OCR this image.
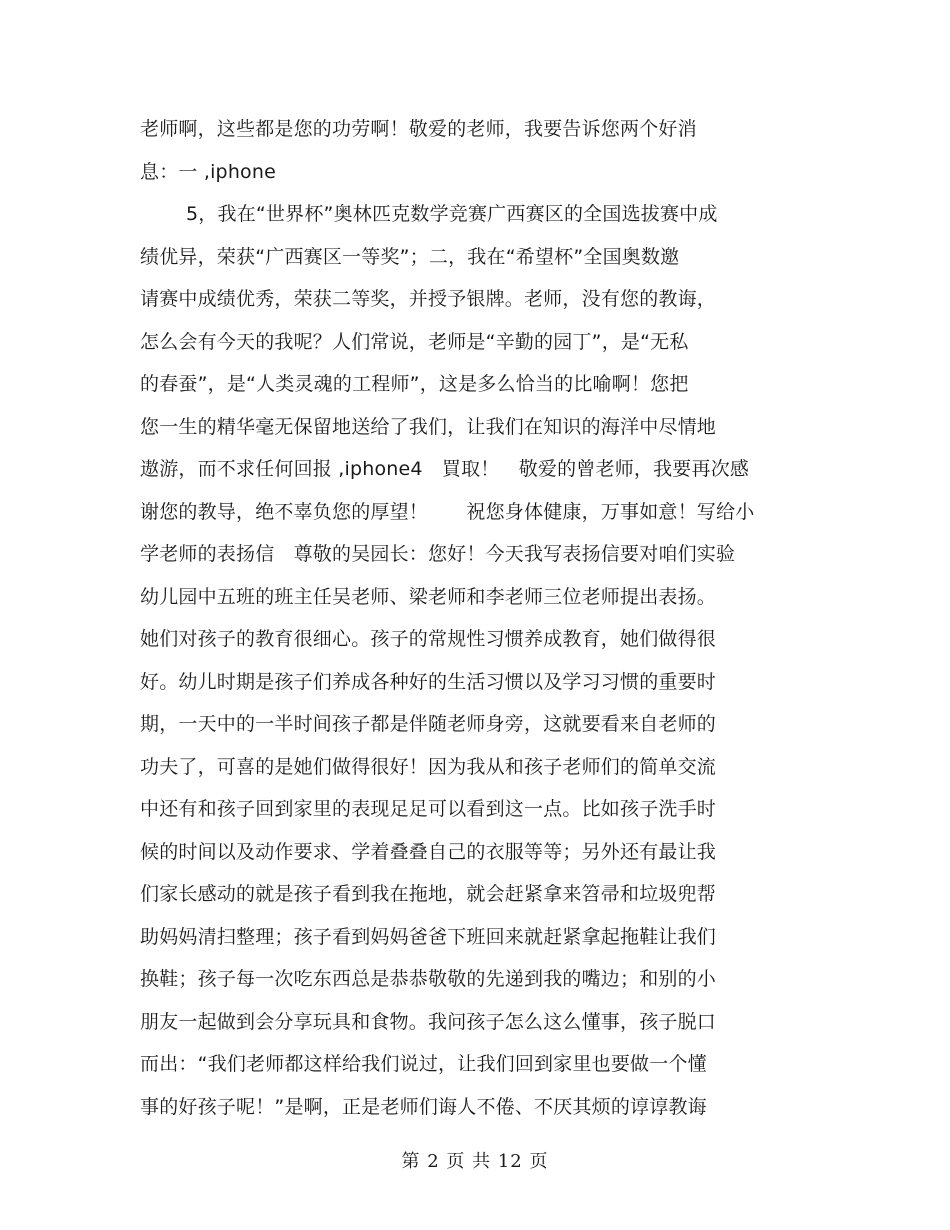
老师啊，这些都是您的功劳啊！敬爱的老师，我要告诉您两个好消
息：一 ,iphone
5，我在“世界杯”奥林匹克数学竞赛广西赛区的全国选拔赛中成
绩优异，荣获“广西赛区一等奖”；二，我在“希望杯”全国奥数邀
请赛中成绩优秀，荣获二等奖，并授予银牌。老师，没有您的教诲，
怎么会有今天的我呢？人们常说，老师是“辛勤的园丁”，是“无私
的春蚕”，是“人类灵魂的工程师”，这是多么恰当的比喻啊！您把
您一生的精华毫无保留地送给了我们，让我们在知识的海洋中尽情地
遨游，而不求任何回报 ,iphone4　買取！　敬爱的曾老师，我要再次感
谢您的教导，绝不辜负您的厚望！　　祝您身体健康，万事如意！写给小
学老师的表扬信　尊敬的吴园长：您好！今天我写表扬信要对咱们实验
幼儿园中五班的班主任吴老师、梁老师和李老师三位老师提出表扬。
她们对孩子的教育很细心。孩子的常规性习惯养成教育，她们做得很
好。幼儿时期是孩子们养成各种好的生活习惯以及学习习惯的重要时
期，一天中的一半时间孩子都是伴随老师身旁，这就要看来自老师的
功夫了，可喜的是她们做得很好！因为我从和孩子老师们的简单交流
中还有和孩子回到家里的表现足足可以看到这一点。比如孩子洗手时
候的时间以及动作要求、学着叠叠自己的衣服等等；另外还有最让我
们家长感动的就是孩子看到我在拖地，就会赶紧拿来笤帚和垃圾兜帮
助妈妈清扫整理；孩子看到妈妈爸爸下班回来就赶紧拿起拖鞋让我们
换鞋；孩子每一次吃东西总是恭恭敬敬的先递到我的嘴边；和别的小
朋友一起做到会分享玩具和食物。我问孩子怎么这么懂事，孩子脱口
而出：“我们老师都这样给我们说过，让我们回到家里也要做一个懂
事的好孩子呢！”是啊，正是老师们诲人不倦、不厌其烦的谆谆教诲
第 2 页 共 12 页
